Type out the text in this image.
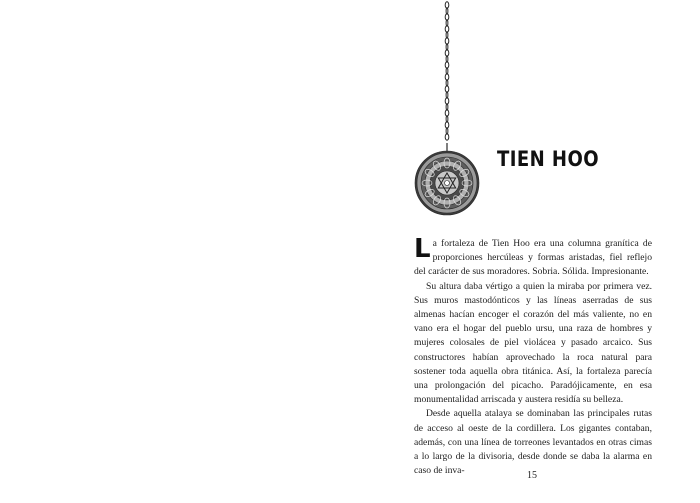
TIEN HOO

La fortaleza de Tien Hoo era una columna granítica de proporciones hercúleas y formas aristadas, fiel reflejo del carácter de sus moradores. Sobria. Sólida. Impresionante.

Su altura daba vértigo a quien la miraba por primera vez. Sus muros mastodónticos y las líneas aserradas de sus almenas hacían encoger el corazón del más valiente, no en vano era el hogar del pueblo ursu, una raza de hombres y mujeres colosales de piel violácea y pasado arcaico. Sus constructores habían aprovechado la roca natural para sostener toda aquella obra titánica. Así, la fortaleza parecía una prolongación del picacho. Paradójicamente, en esa monumentalidad arriscada y austera residía su belleza.

Desde aquella atalaya se dominaban las principales rutas de acceso al oeste de la cordillera. Los gigantes contaban, además, con una línea de torreones levantados en otras cimas a lo largo de la divisoria, desde donde se daba la alarma en caso de inva-	15
